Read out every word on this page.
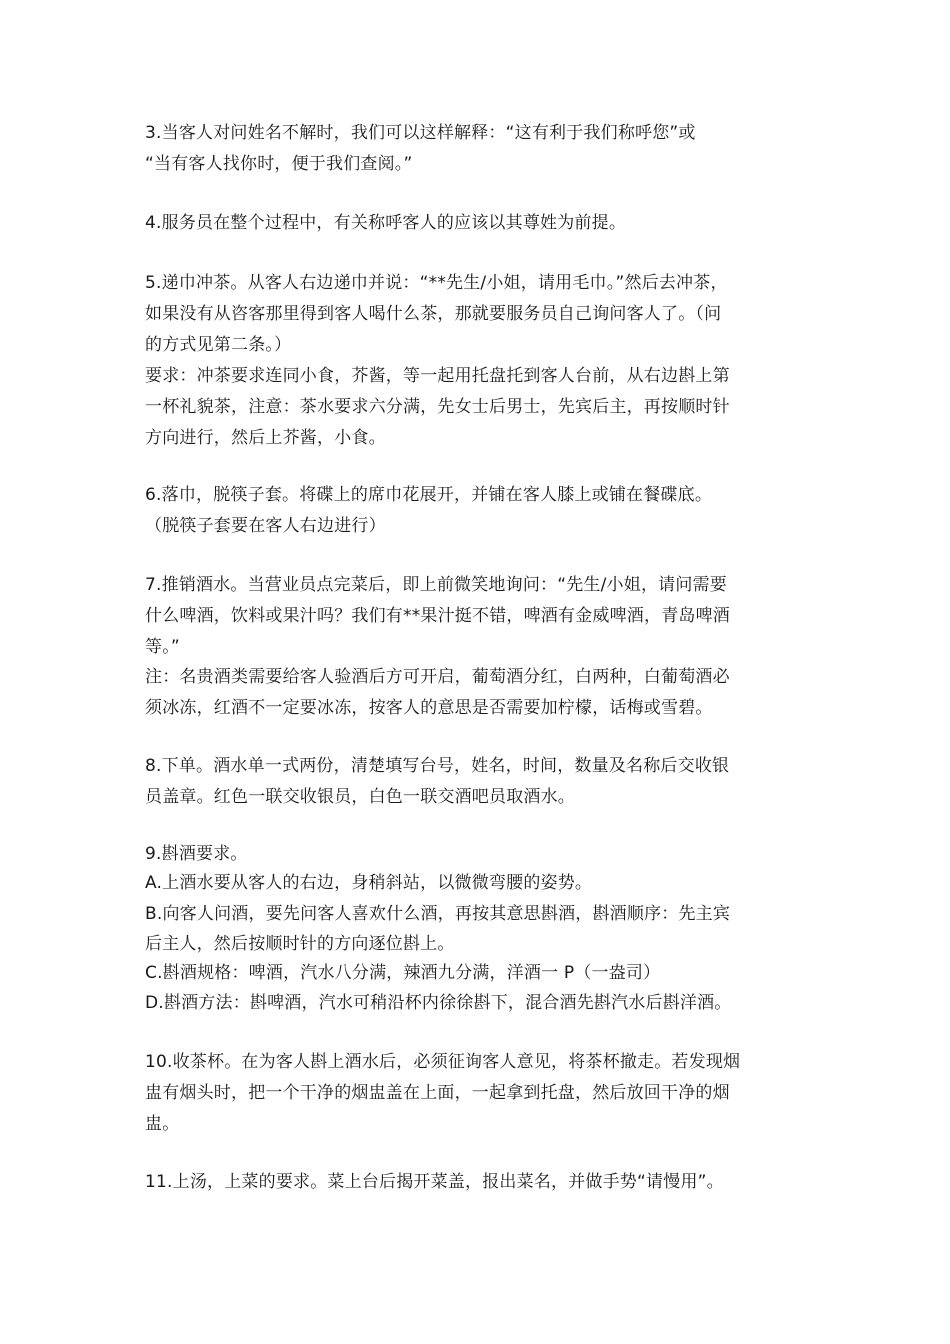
3.当客人对问姓名不解时，我们可以这样解释：“这有利于我们称呼您”或
“当有客人找你时，便于我们查阅。”
4.服务员在整个过程中，有关称呼客人的应该以其尊姓为前提。
5.递巾冲茶。从客人右边递巾并说：“**先生/小姐，请用毛巾。”然后去冲茶，
如果没有从咨客那里得到客人喝什么茶，那就要服务员自己询问客人了。（问
的方式见第二条。）
要求：冲茶要求连同小食，芥酱，等一起用托盘托到客人台前，从右边斟上第
一杯礼貌茶，注意：茶水要求六分满，先女士后男士，先宾后主，再按顺时针
方向进行，然后上芥酱，小食。
6.落巾，脱筷子套。将碟上的席巾花展开，并铺在客人膝上或铺在餐碟底。
（脱筷子套要在客人右边进行）
7.推销酒水。当营业员点完菜后，即上前微笑地询问：“先生/小姐，请问需要
什么啤酒，饮料或果汁吗？我们有**果汁挺不错，啤酒有金威啤酒，青岛啤酒
等。”
注：名贵酒类需要给客人验酒后方可开启，葡萄酒分红，白两种，白葡萄酒必
须冰冻，红酒不一定要冰冻，按客人的意思是否需要加柠檬，话梅或雪碧。
8.下单。酒水单一式两份，清楚填写台号，姓名，时间，数量及名称后交收银
员盖章。红色一联交收银员，白色一联交酒吧员取酒水。
9.斟酒要求。
A.上酒水要从客人的右边，身稍斜站，以微微弯腰的姿势。
B.向客人问酒，要先问客人喜欢什么酒，再按其意思斟酒，斟酒顺序：先主宾
后主人，然后按顺时针的方向逐位斟上。
C.斟酒规格：啤酒，汽水八分满，辣酒九分满，洋酒一 P（一盎司）
D.斟酒方法：斟啤酒，汽水可稍沿杯内徐徐斟下，混合酒先斟汽水后斟洋酒。
10.收茶杯。在为客人斟上酒水后，必须征询客人意见，将茶杯撤走。若发现烟
盅有烟头时，把一个干净的烟盅盖在上面，一起拿到托盘，然后放回干净的烟
盅。
11.上汤，上菜的要求。菜上台后揭开菜盖，报出菜名，并做手势“请慢用”。
